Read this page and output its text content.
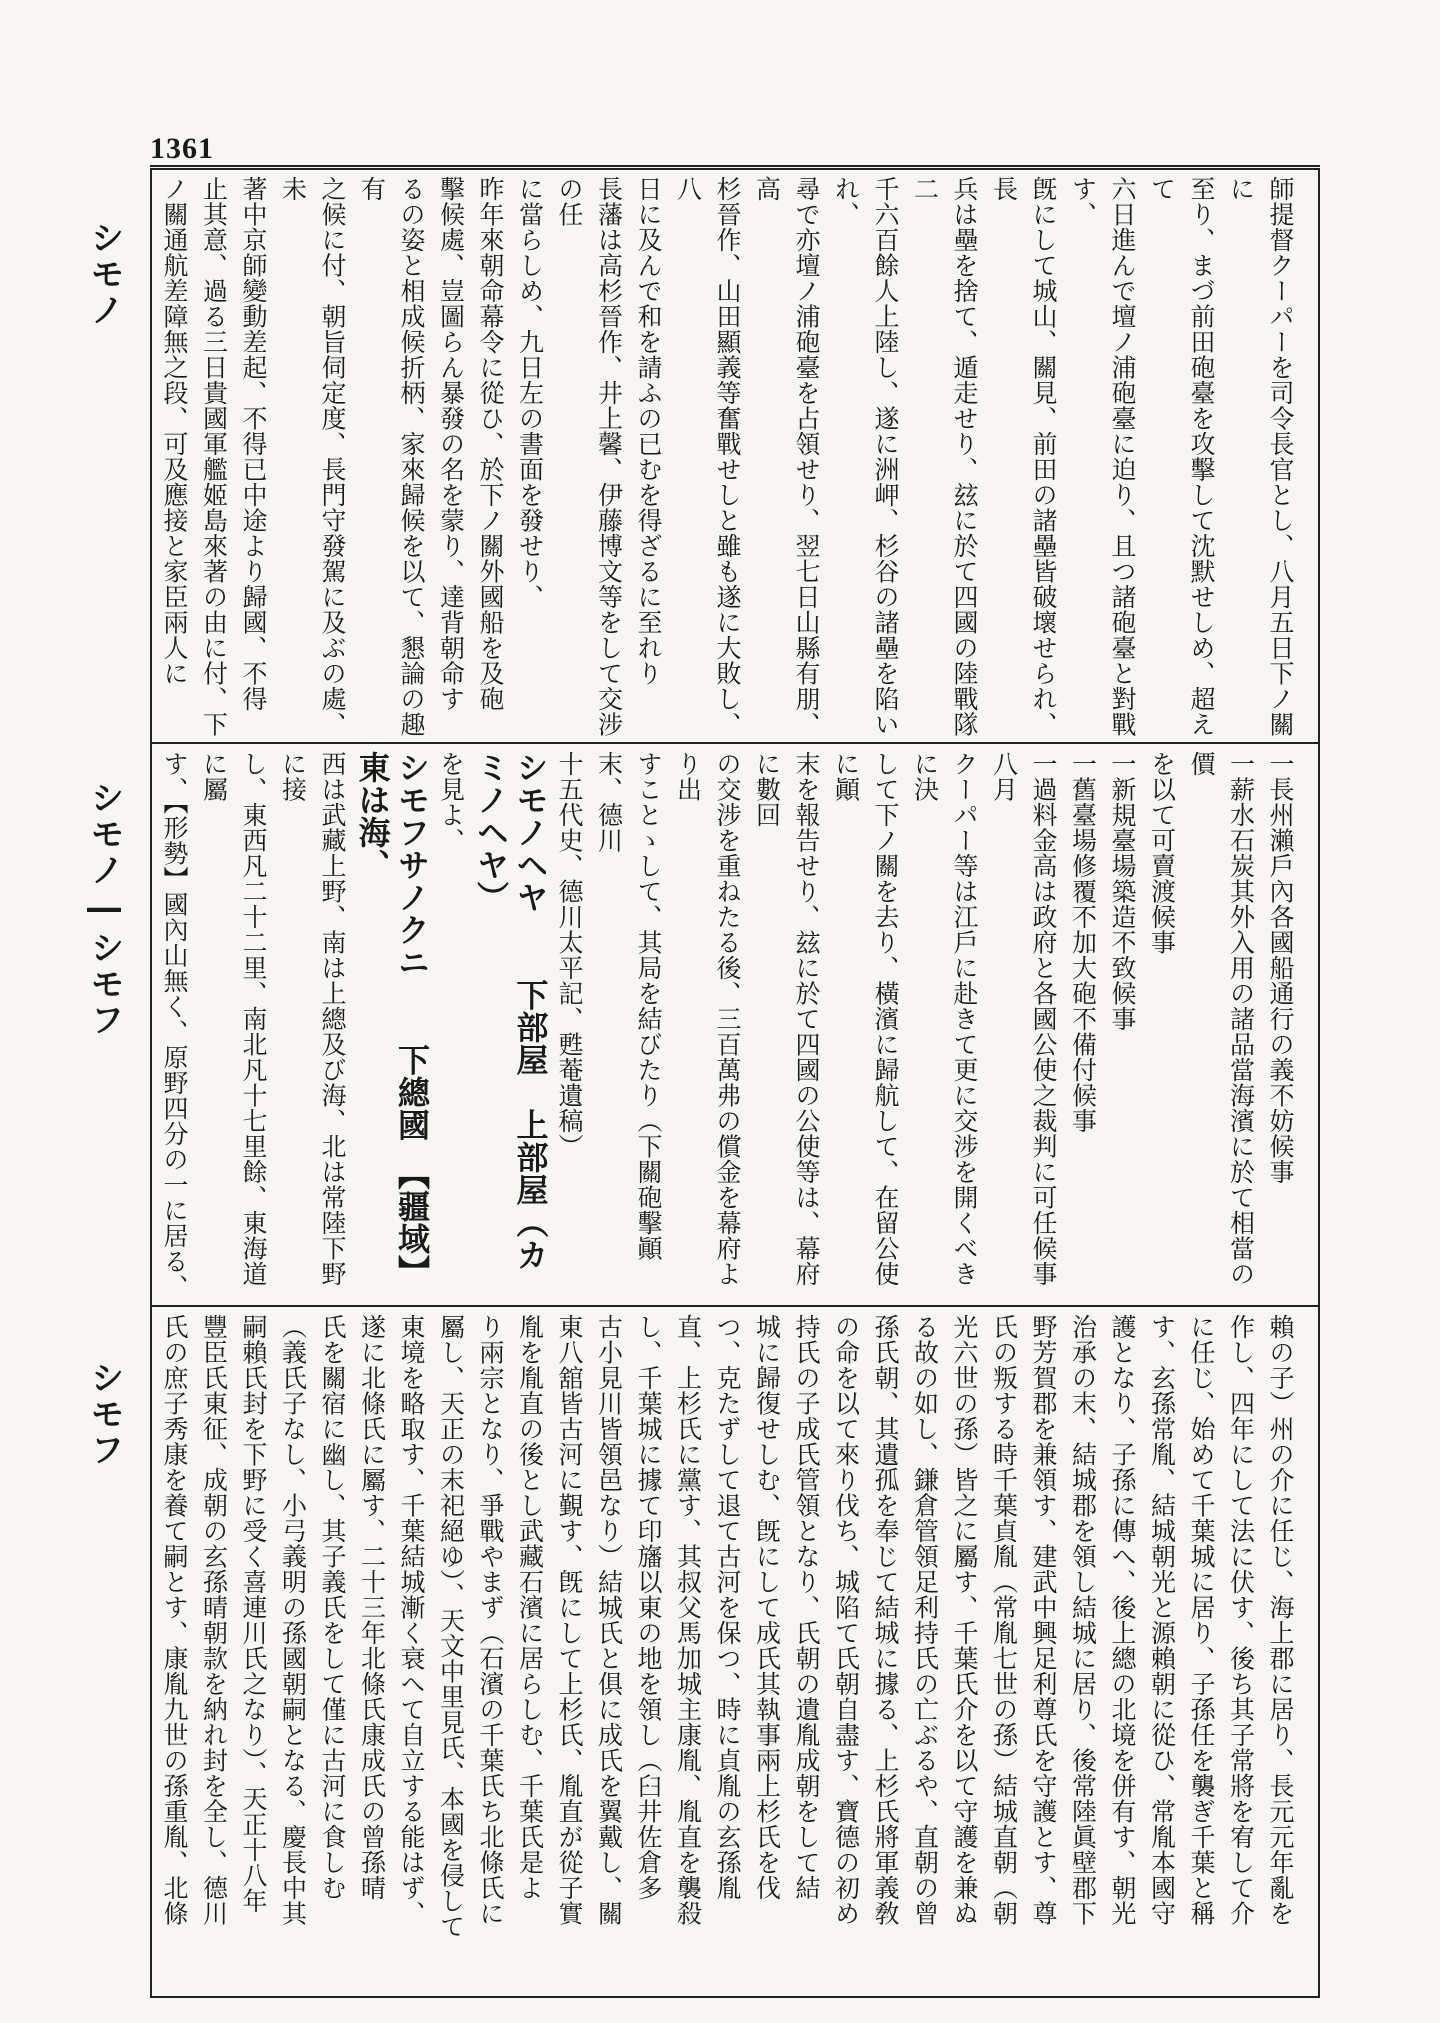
1361
シモノ
シモノ―シモフ
シモフ
師提督クーパーを司令長官とし、八月五日下ノ關に
至り、まづ前田砲臺を攻擊して沈默せしめ、超えて
六日進んで壇ノ浦砲臺に迫り、且つ諸砲臺と對戰す、
旣にして城山、關見、前田の諸壘皆破壞せられ、長
兵は壘を捨て、遁走せり、玆に於て四國の陸戰隊二
千六百餘人上陸し、遂に洲岬、杉谷の諸壘を陷いれ、
尋で亦壇ノ浦砲臺を占領せり、翌七日山縣有朋、高
杉晉作、山田顯義等奮戰せしと雖も遂に大敗し、八
日に及んで和を請ふの已むを得ざるに至れり
長藩は高杉晉作、井上馨、伊藤博文等をして交涉の任
に當らしめ、九日左の書面を發せり、
昨年來朝命幕令に從ひ、於下ノ關外國船を及砲
擊候處、豈圖らん暴發の名を蒙り、達背朝命す
るの姿と相成候折柄、家來歸候を以て、懇論の趣有
之候に付、朝旨伺定度、長門守發駕に及ぶの處、未
著中京師變動差起、不得已中途より歸國、不得
止其意、過る三日貴國軍艦姬島來著の由に付、下
ノ關通航差障無之段、可及應接と家臣兩人に
一長州瀨戶內各國船通行の義不妨候事
一薪水石炭其外入用の諸品當海濱に於て相當の價
を以て可賣渡候事
一新規臺場築造不致候事
一舊臺場修覆不加大砲不備付候事
一過料金高は政府と各國公使之裁判に可任候事
八月
クーパー等は江戶に赴きて更に交涉を開くべきに決
して下ノ關を去り、橫濱に歸航して、在留公使に顚
末を報告せり、玆に於て四國の公使等は、幕府に數回
の交涉を重ねたる後、三百萬弗の償金を幕府より出
すことゝして、其局を結びたり（下關砲擊顚末、德川
十五代史、德川太平記、甦菴遺稿）
シモノヘヤ　　下部屋　上部屋（カミノヘヤ）
を見よ、
シモフサノクニ　　下總國　【疆域】東は海、
西は武藏上野、南は上總及び海、北は常陸下野に接
し、東西凡二十二里、南北凡十七里餘、東海道に屬
す、【形勢】國內山無く、原野四分の一に居る、
賴の子）州の介に任じ、海上郡に居り、長元元年亂を
作し、四年にして法に伏す、後ち其子常將を宥して介
に任じ、始めて千葉城に居り、子孫任を襲ぎ千葉と稱
す、玄孫常胤、結城朝光と源賴朝に從ひ、常胤本國守
護となり、子孫に傳へ、後上總の北境を併有す、朝光
治承の末、結城郡を領し結城に居り、後常陸眞壁郡下
野芳賀郡を兼領す、建武中興足利尊氏を守護とす、尊
氏の叛する時千葉貞胤（常胤七世の孫）結城直朝（朝
光六世の孫）皆之に屬す、千葉氏介を以て守護を兼ぬ
る故の如し、鎌倉管領足利持氏の亡ぶるや、直朝の曾
孫氏朝、其遺孤を奉じて結城に據る、上杉氏將軍義敎
の命を以て來り伐ち、城陷て氏朝自盡す、寶德の初め
持氏の子成氏管領となり、氏朝の遺胤成朝をして結
城に歸復せしむ、旣にして成氏其執事兩上杉氏を伐
つ、克たずして退て古河を保つ、時に貞胤の玄孫胤
直、上杉氏に黨す、其叔父馬加城主康胤、胤直を襲殺
し、千葉城に據て印旛以東の地を領し（臼井佐倉多
古小見川皆領邑なり）結城氏と俱に成氏を翼戴し、關
東八舘皆古河に覲す、旣にして上杉氏、胤直が從子實
胤を胤直の後とし武藏石濱に居らしむ、千葉氏是よ
り兩宗となり、爭戰やまず（石濱の千葉氏ち北條氏に
屬し、天正の末祀絕ゆ）、天文中里見氏、本國を侵して
東境を略取す、千葉結城漸く衰へて自立する能はず、
遂に北條氏に屬す、二十三年北條氏康成氏の曾孫晴
氏を關宿に幽し、其子義氏をして僅に古河に食しむ
（義氏子なし、小弓義明の孫國朝嗣となる、慶長中其
嗣賴氏封を下野に受く喜連川氏之なり）、天正十八年
豐臣氏東征、成朝の玄孫晴朝款を納れ封を全し、德川
氏の庶子秀康を養て嗣とす、康胤九世の孫重胤、北條
